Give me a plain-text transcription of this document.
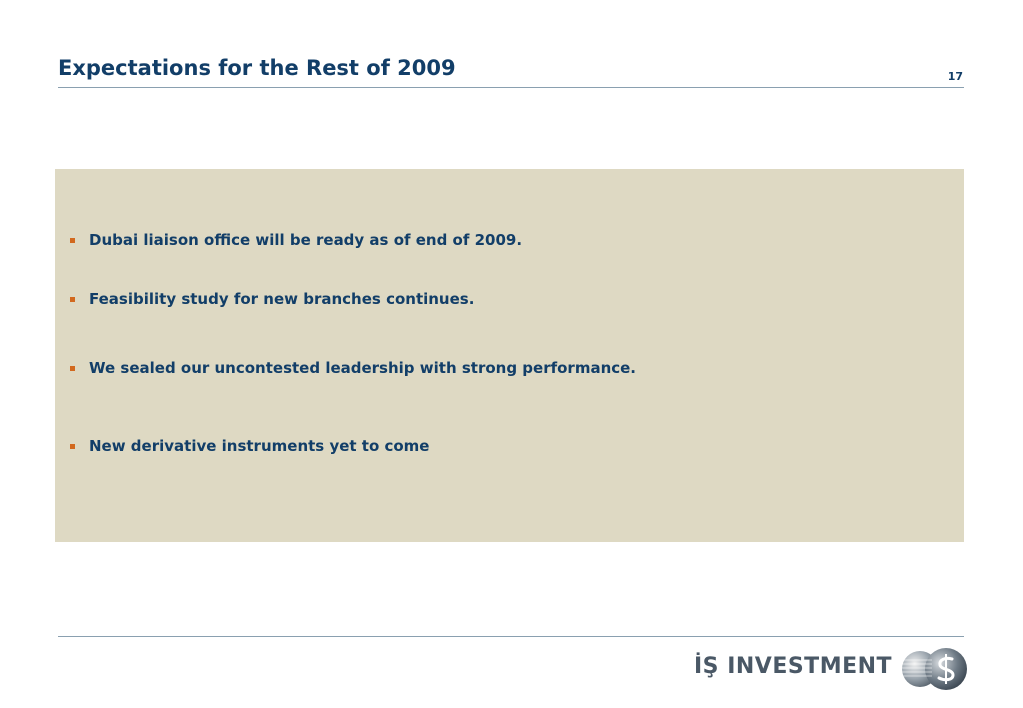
Expectations for the Rest of 2009	17
Dubai liaison office will be ready as of end of 2009.
Feasibility study for new branches continues.
We sealed our uncontested leadership with strong performance.
New derivative instruments yet to come
İŞ INVESTMENT
